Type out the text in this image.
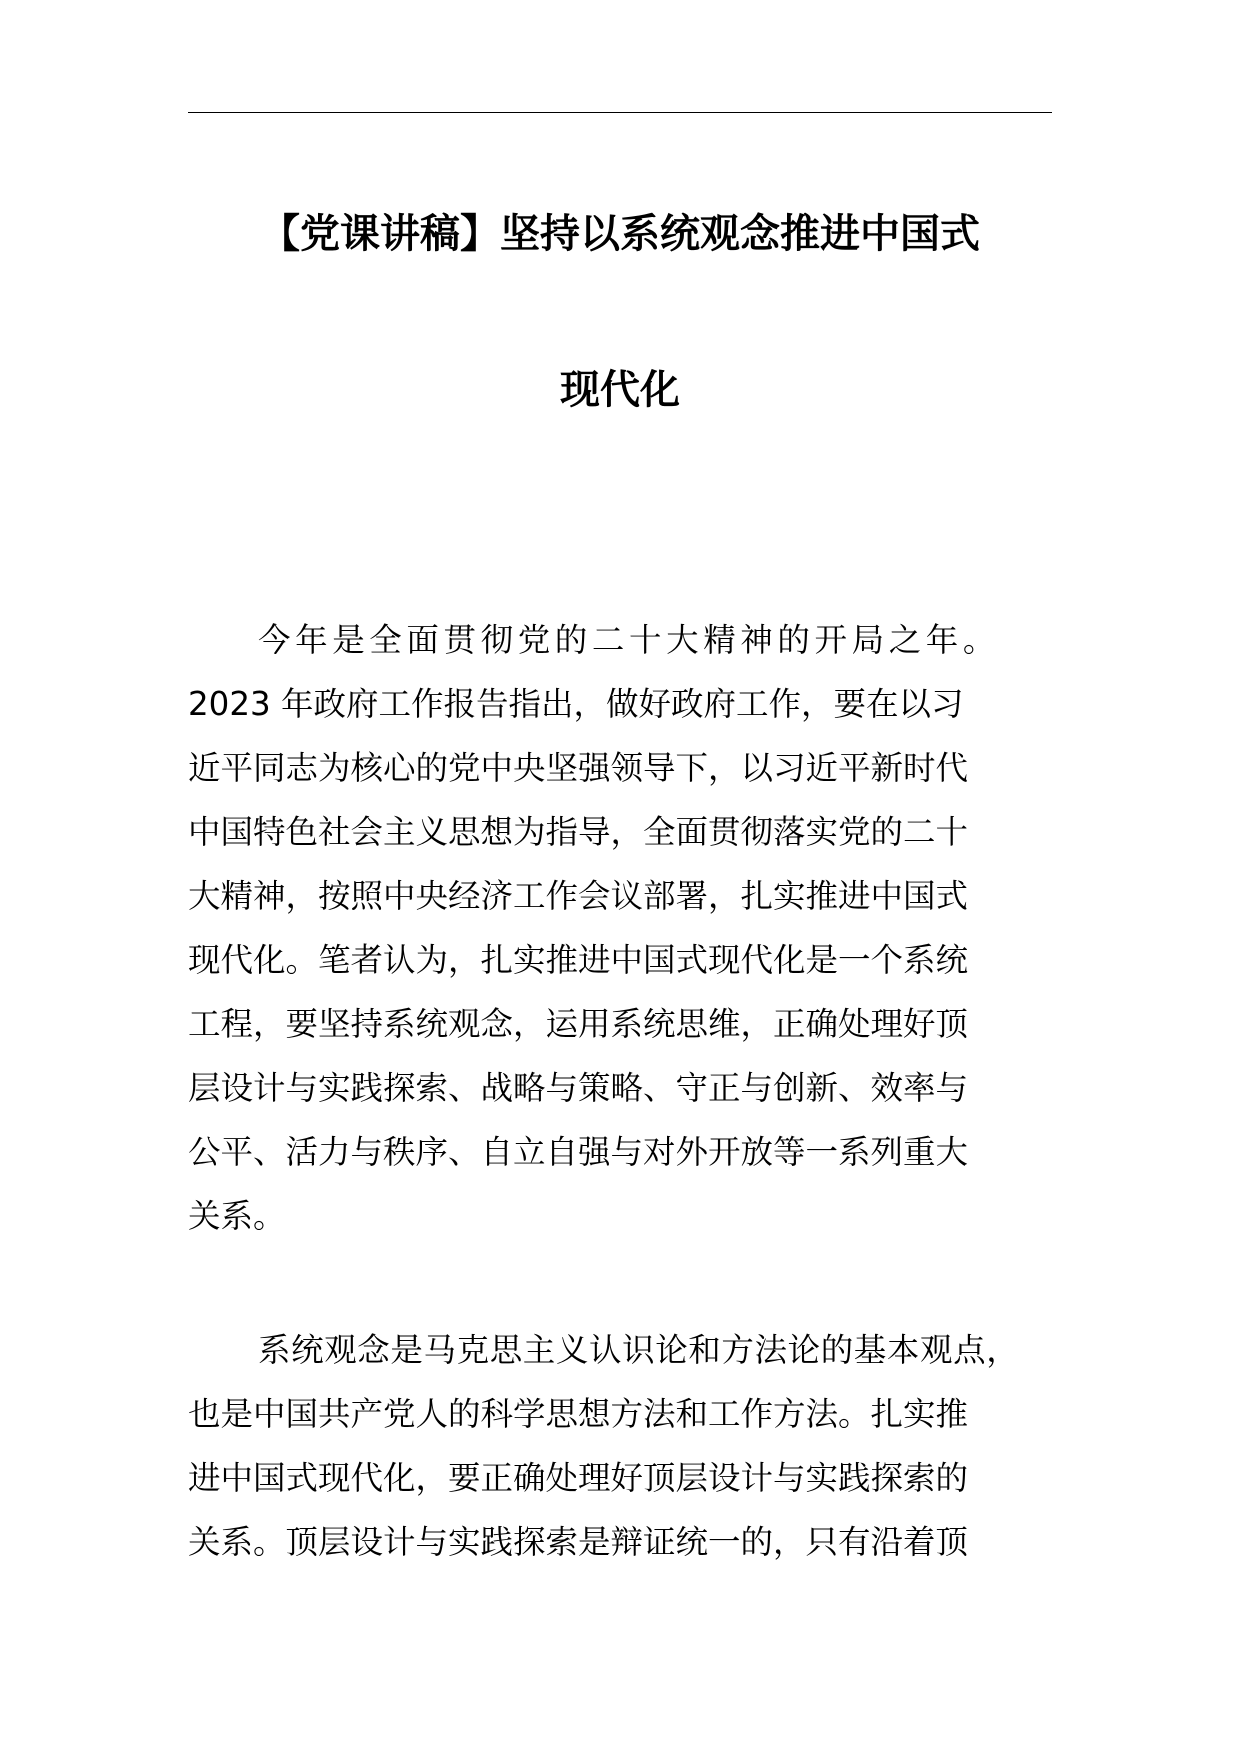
【党课讲稿】坚持以系统观念推进中国式
现代化
今年是全面贯彻党的二十大精神的开局之年。
2023 年政府工作报告指出，做好政府工作，要在以习
近平同志为核心的党中央坚强领导下，以习近平新时代
中国特色社会主义思想为指导，全面贯彻落实党的二十
大精神，按照中央经济工作会议部署，扎实推进中国式
现代化。笔者认为，扎实推进中国式现代化是一个系统
工程，要坚持系统观念，运用系统思维，正确处理好顶
层设计与实践探索、战略与策略、守正与创新、效率与
公平、活力与秩序、自立自强与对外开放等一系列重大
关系。
系统观念是马克思主义认识论和方法论的基本观点，
也是中国共产党人的科学思想方法和工作方法。扎实推
进中国式现代化，要正确处理好顶层设计与实践探索的
关系。顶层设计与实践探索是辩证统一的，只有沿着顶
